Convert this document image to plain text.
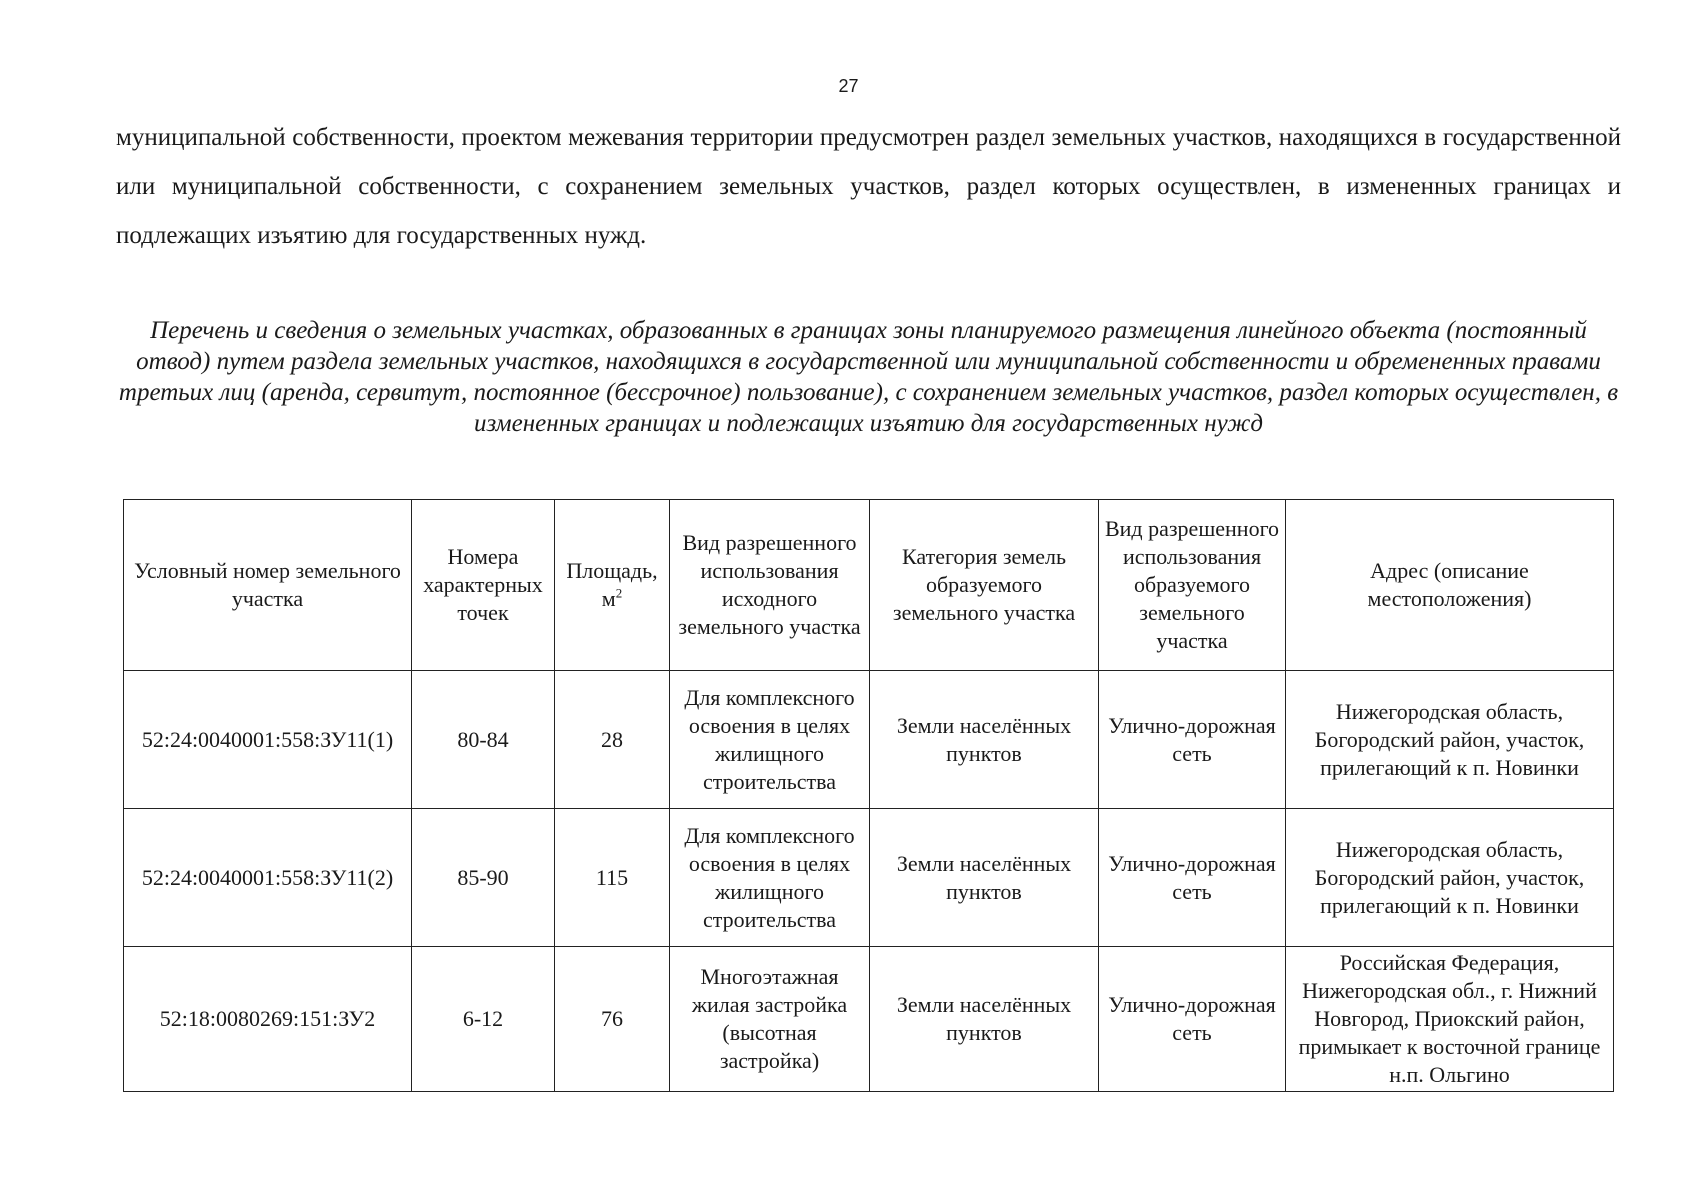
27
муниципальной собственности, проектом межевания территории предусмотрен раздел земельных участков, находящихся в государственной или муниципальной собственности, с сохранением земельных участков, раздел которых осуществлен, в измененных границах и подлежащих изъятию для государственных нужд.
Перечень и сведения о земельных участках, образованных в границах зоны планируемого размещения линейного объекта (постоянный отвод) путем раздела земельных участков, находящихся в государственной или муниципальной собственности и обремененных правами третьих лиц (аренда, сервитут, постоянное (бессрочное) пользование), с сохранением земельных участков, раздел которых осуществлен, в измененных границах и подлежащих изъятию для государственных нужд
Условный номер земельного участка	Номера характерных точек	Площадь, $м^2$	Вид разрешенного использования исходного земельного участка	Категория земель образуемого земельного участка	Вид разрешенного использования образуемого земельного участка	Адрес (описание местоположения)
52:24:0040001:558:ЗУ11(1)	80-84	28	Для комплексного освоения в целях жилищного строительства	Земли населённых пунктов	Улично-дорожная сеть	Нижегородская область, Богородский район, участок, прилегающий к п. Новинки
52:24:0040001:558:ЗУ11(2)	85-90	115	Для комплексного освоения в целях жилищного строительства	Земли населённых пунктов	Улично-дорожная сеть	Нижегородская область, Богородский район, участок, прилегающий к п. Новинки
52:18:0080269:151:ЗУ2	6-12	76	Многоэтажная жилая застройка (высотная застройка)	Земли населённых пунктов	Улично-дорожная сеть	Российская Федерация, Нижегородская обл., г. Нижний Новгород, Приокский район, примыкает к восточной границе н.п. Ольгино
